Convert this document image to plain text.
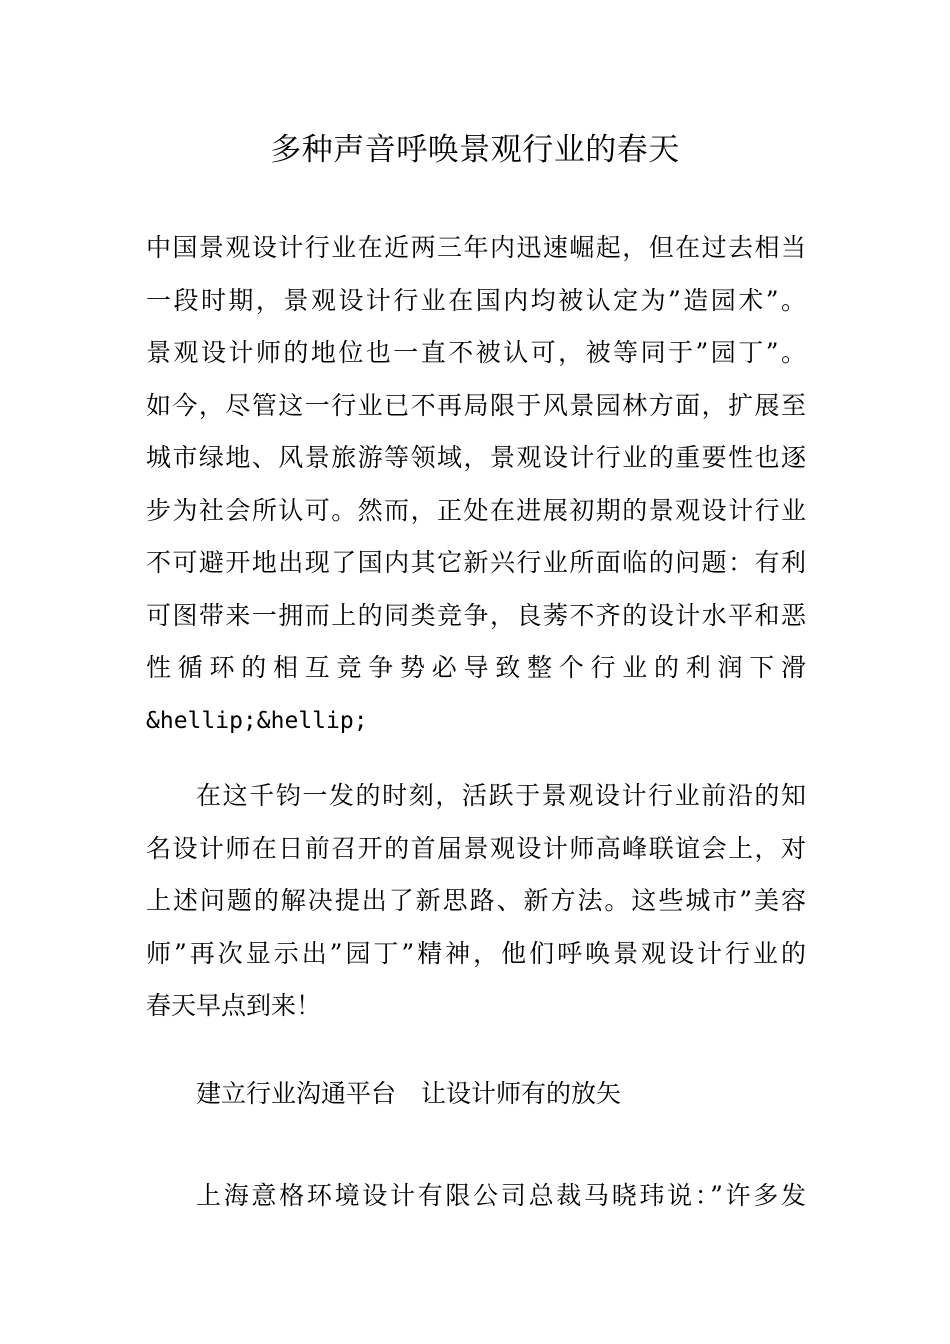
多种声音呼唤景观行业的春天
中国景观设计行业在近两三年内迅速崛起，但在过去相当
一段时期，景观设计行业在国内均被认定为”造园术”。
景观设计师的地位也一直不被认可，被等同于”园丁”。
如今，尽管这一行业已不再局限于风景园林方面，扩展至
城市绿地、风景旅游等领域，景观设计行业的重要性也逐
步为社会所认可。然而，正处在进展初期的景观设计行业
不可避开地出现了国内其它新兴行业所面临的问题：有利
可图带来一拥而上的同类竞争，良莠不齐的设计水平和恶
性循环的相互竞争势必导致整个行业的利润下滑
&hellip;&hellip;
在这千钧一发的时刻，活跃于景观设计行业前沿的知
名设计师在日前召开的首届景观设计师高峰联谊会上，对
上述问题的解决提出了新思路、新方法。这些城市”美容
师”再次显示出”园丁”精神，他们呼唤景观设计行业的
春天早点到来！
建立行业沟通平台　让设计师有的放矢
上海意格环境设计有限公司总裁马晓玮说：”许多发
